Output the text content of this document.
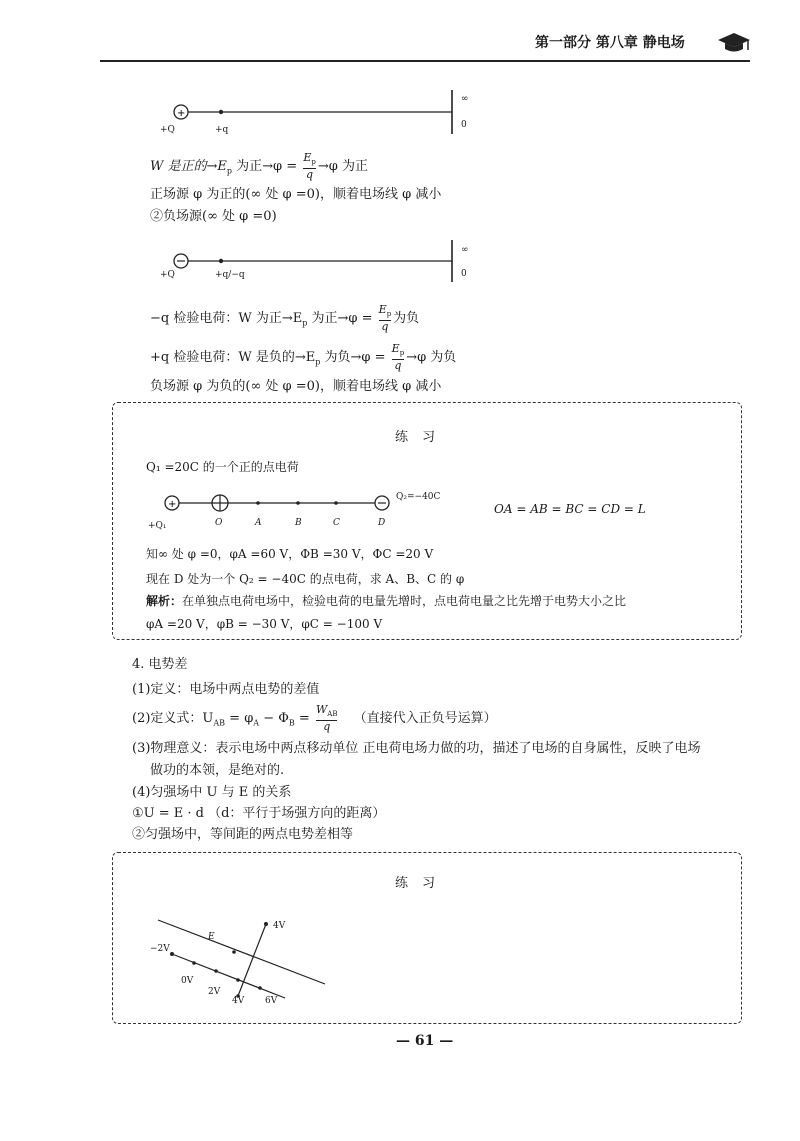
第一部分 第八章 静电场
+
+Q	+q
∞
0
W 是正的$\to E_p$ 为正$\to\varphi = \frac{E_p}{q} \to\varphi$ 为正
正场源 φ 为正的(∞ 处 φ =0)，顺着电场线 φ 减小
②负场源(∞ 处 φ =0)
+Q	+q/−q
∞
0
−q 检验电荷：W 为正$\to E_p$ 为正$\to\varphi = \frac{E_p}{q}$ 为负
+q 检验电荷：W 是负的$\to E_p$ 为负$\to\varphi = \frac{E_p}{q} \to\varphi$ 为负
负场源 φ 为负的(∞ 处 φ =0)，顺着电场线 φ 减小
练习
Q₁ =20C 的一个正的点电荷
+
+Q₁	O	A	B	C	D
Q₂=−40C
OA = AB = BC = CD = L
知∞ 处 φ =0，φA =60 V，ΦB =30 V，ΦC =20 V
现在 D 处为一个 Q₂ = −40C 的点电荷，求 A、B、C 的 φ
解析：在单独点电荷电场中，检验电荷的电量先增时，点电荷电量之比先增于电势大小之比
φA =20 V，φB = −30 V，φC = −100 V
4. 电势差
(1)定义：电场中两点电势的差值
(2)定义式：$U_{AB} = \varphi_A - \Phi_B = \frac{W_{AB}}{q}$ （直接代入正负号运算）
(3)物理意义：表示电场中两点移动单位 正电荷电场力做的功，描述了电场的自身属性，反映了电场
做功的本领，是绝对的.
(4)匀强场中 U 与 E 的关系
①U = E · d （d：平行于场强方向的距离）
②匀强场中，等间距的两点电势差相等
练习
E
−2V
0V
2V
4V 6V
4V
— 61 —
